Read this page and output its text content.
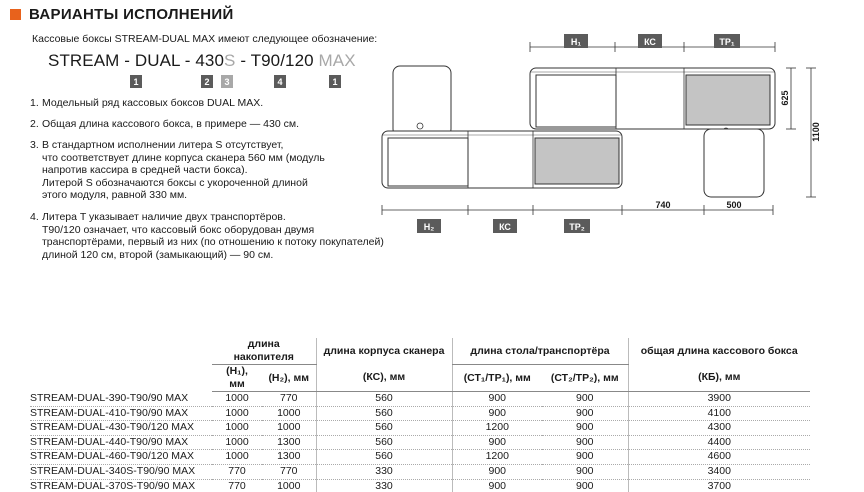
ВАРИАНТЫ ИСПОЛНЕНИЙ
Кассовые боксы STREAM-DUAL MAX имеют следующее обозначение:
STREAM - DUAL - 430S - T90/120 MAX
1	2	3	4	1
1. Модельный ряд кассовых боксов DUAL MAX.
2. Общая длина кассового бокса, в примере — 430 см.
3. В стандартном исполнении литера S отсутствует,
что соответствует длине корпуса сканера 560 мм (модуль
напротив кассира в средней части бокса).
Литерой S обозначаются боксы с укороченной длиной
этого модуля, равной 330 мм.
4. Литера T указывает наличие двух транспортёров.
T90/120 означает, что кассовый бокс оборудован двумя
транспортёрами, первый из них (по отношению к потоку покупателей)
длиной 120 см, второй (замыкающий) — 90 см.
H₁	КС	ТР₁
H₂	КС	ТР₂
740	500
625
1100
	длина накопителя		длина корпуса сканера	длина стола/транспортёра		общая длина кассового бокса
	(H₁), мм	(H₂), мм	(КС), мм	(СТ₁/ТР₁), мм	(СТ₂/ТР₂), мм	(КБ), мм
STREAM-DUAL-390-T90/90 MAX	1000	770	560	900	900	3900
STREAM-DUAL-410-T90/90 MAX	1000	1000	560	900	900	4100
STREAM-DUAL-430-T90/120 MAX	1000	1000	560	1200	900	4300
STREAM-DUAL-440-T90/90 MAX	1000	1300	560	900	900	4400
STREAM-DUAL-460-T90/120 MAX	1000	1300	560	1200	900	4600
STREAM-DUAL-340S-T90/90 MAX	770	770	330	900	900	3400
STREAM-DUAL-370S-T90/90 MAX	770	1000	330	900	900	3700
